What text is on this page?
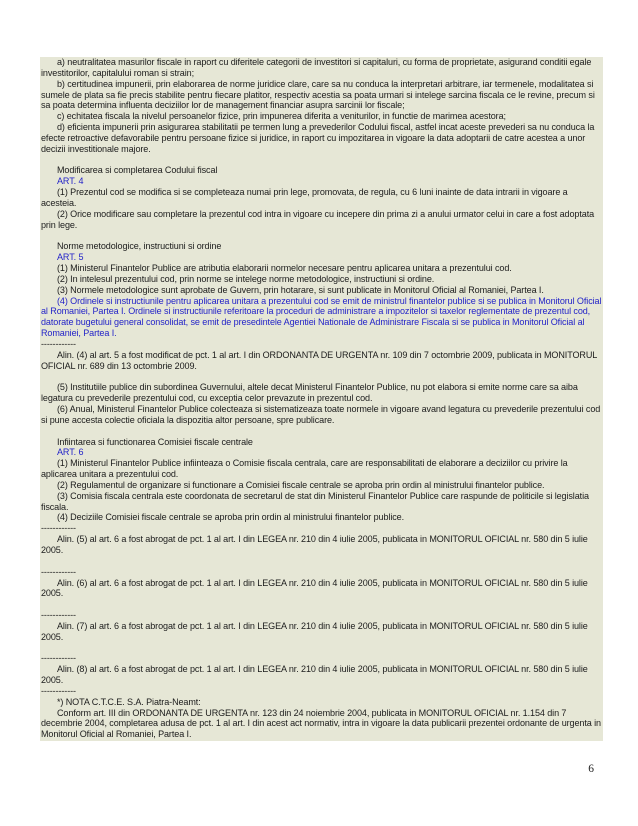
a) neutralitatea masurilor fiscale in raport cu diferitele categorii de investitori si capitaluri, cu forma de proprietate, asigurand conditii egale investitorilor, capitalului roman si strain;

b) certitudinea impunerii, prin elaborarea de norme juridice clare, care sa nu conduca la interpretari arbitrare, iar termenele, modalitatea si sumele de plata sa fie precis stabilite pentru fiecare platitor, respectiv acestia sa poata urmari si intelege sarcina fiscala ce le revine, precum si sa poata determina influenta deciziilor lor de management financiar asupra sarcinii lor fiscale;

c) echitatea fiscala la nivelul persoanelor fizice, prin impunerea diferita a veniturilor, in functie de marimea acestora;

d) eficienta impunerii prin asigurarea stabilitatii pe termen lung a prevederilor Codului fiscal, astfel incat aceste prevederi sa nu conduca la efecte retroactive defavorabile pentru persoane fizice si juridice, in raport cu impozitarea in vigoare la data adoptarii de catre acestea a unor decizii investitionale majore.

Modificarea si completarea Codului fiscal

ART. 4

(1) Prezentul cod se modifica si se completeaza numai prin lege, promovata, de regula, cu 6 luni inainte de data intrarii in vigoare a acesteia.

(2) Orice modificare sau completare la prezentul cod intra in vigoare cu incepere din prima zi a anului urmator celui in care a fost adoptata prin lege.

Norme metodologice, instructiuni si ordine

ART. 5

(1) Ministerul Finantelor Publice are atributia elaborarii normelor necesare pentru aplicarea unitara a prezentului cod.

(2) In intelesul prezentului cod, prin norme se intelege norme metodologice, instructiuni si ordine.

(3) Normele metodologice sunt aprobate de Guvern, prin hotarare, si sunt publicate in Monitorul Oficial al Romaniei, Partea I.

(4) Ordinele si instructiunile pentru aplicarea unitara a prezentului cod se emit de ministrul finantelor publice si se publica in Monitorul Oficial al Romaniei, Partea I. Ordinele si instructiunile referitoare la proceduri de administrare a impozitelor si taxelor reglementate de prezentul cod, datorate bugetului general consolidat, se emit de presedintele Agentiei Nationale de Administrare Fiscala si se publica in Monitorul Oficial al Romaniei, Partea I.

------------

Alin. (4) al art. 5 a fost modificat de pct. 1 al art. I din ORDONANTA DE URGENTA nr. 109 din 7 octombrie 2009, publicata in MONITORUL OFICIAL nr. 689 din 13 octombrie 2009.

(5) Institutiile publice din subordinea Guvernului, altele decat Ministerul Finantelor Publice, nu pot elabora si emite norme care sa aiba legatura cu prevederile prezentului cod, cu exceptia celor prevazute in prezentul cod.

(6) Anual, Ministerul Finantelor Publice colecteaza si sistematizeaza toate normele in vigoare avand legatura cu prevederile prezentului cod si pune accesta colectie oficiala la dispozitia altor persoane, spre publicare.

Infiintarea si functionarea Comisiei fiscale centrale

ART. 6

(1) Ministerul Finantelor Publice infiinteaza o Comisie fiscala centrala, care are responsabilitati de elaborare a deciziilor cu privire la aplicarea unitara a prezentului cod.

(2) Regulamentul de organizare si functionare a Comisiei fiscale centrale se aproba prin ordin al ministrului finantelor publice.

(3) Comisia fiscala centrala este coordonata de secretarul de stat din Ministerul Finantelor Publice care raspunde de politicile si legislatia fiscala.

(4) Deciziile Comisiei fiscale centrale se aproba prin ordin al ministrului finantelor publice.

------------

Alin. (5) al art. 6 a fost abrogat de pct. 1 al art. I din LEGEA nr. 210 din 4 iulie 2005, publicata in MONITORUL OFICIAL nr. 580 din 5 iulie 2005.

------------

Alin. (6) al art. 6 a fost abrogat de pct. 1 al art. I din LEGEA nr. 210 din 4 iulie 2005, publicata in MONITORUL OFICIAL nr. 580 din 5 iulie 2005.

------------

Alin. (7) al art. 6 a fost abrogat de pct. 1 al art. I din LEGEA nr. 210 din 4 iulie 2005, publicata in MONITORUL OFICIAL nr. 580 din 5 iulie 2005.

------------

Alin. (8) al art. 6 a fost abrogat de pct. 1 al art. I din LEGEA nr. 210 din 4 iulie 2005, publicata in MONITORUL OFICIAL nr. 580 din 5 iulie 2005.

------------

*) NOTA C.T.C.E. S.A. Piatra-Neamt:

Conform art. III din ORDONANTA DE URGENTA nr. 123 din 24 noiembrie 2004, publicata in MONITORUL OFICIAL nr. 1.154 din 7 decembrie 2004, completarea adusa de pct. 1 al art. I din acest act normativ, intra in vigoare la data publicarii prezentei ordonante de urgenta in Monitorul Oficial al Romaniei, Partea I.

6
